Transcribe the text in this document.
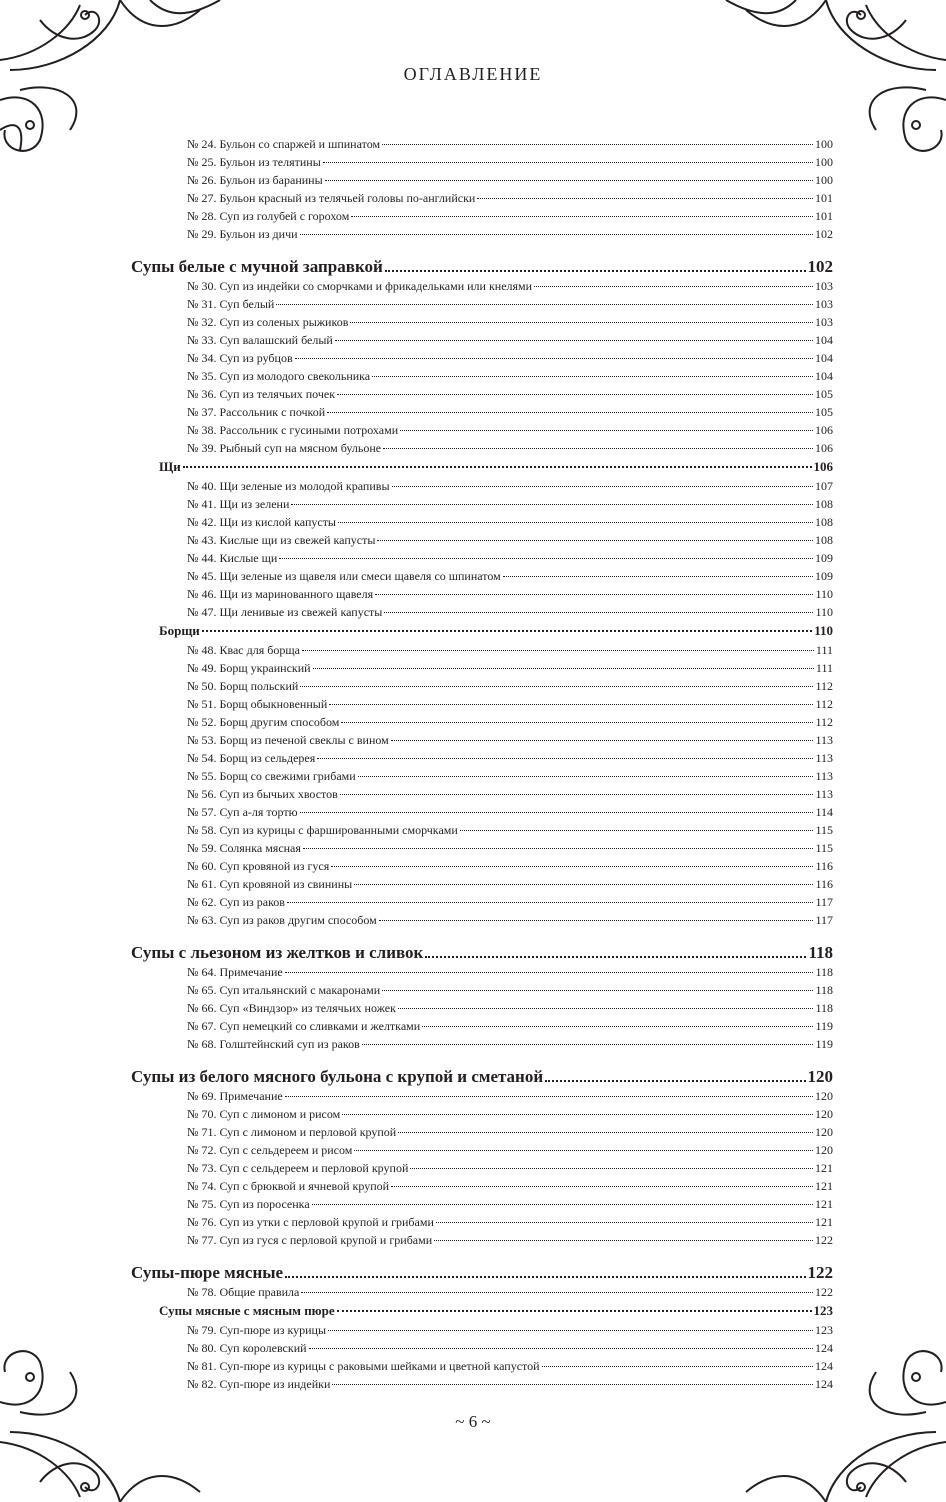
ОГЛАВЛЕНИЕ
№ 24. Бульон со спаржей и шпинатом	100
№ 25. Бульон из телятины	100
№ 26. Бульон из баранины	100
№ 27. Бульон красный из телячьей головы по-английски	101
№ 28. Суп из голубей с горохом	101
№ 29. Бульон из дичи	102
Супы белые с мучной заправкой	102
№ 30. Суп из индейки со сморчками и фрикадельками или кнелями	103
№ 31. Суп белый	103
№ 32. Суп из соленых рыжиков	103
№ 33. Суп валашский белый	104
№ 34. Суп из рубцов	104
№ 35. Суп из молодого свекольника	104
№ 36. Суп из телячьих почек	105
№ 37. Рассольник с почкой	105
№ 38. Рассольник с гусиными потрохами	106
№ 39. Рыбный суп на мясном бульоне	106
Щи	106
№ 40. Щи зеленые из молодой крапивы	107
№ 41. Щи из зелени	108
№ 42. Щи из кислой капусты	108
№ 43. Кислые щи из свежей капусты	108
№ 44. Кислые щи	109
№ 45. Щи зеленые из щавеля или смеси щавеля со шпинатом	109
№ 46. Щи из маринованного щавеля	110
№ 47. Щи ленивые из свежей капусты	110
Борщи	110
№ 48. Квас для борща	111
№ 49. Борщ украинский	111
№ 50. Борщ польский	112
№ 51. Борщ обыкновенный	112
№ 52. Борщ другим способом	112
№ 53. Борщ из печеной свеклы с вином	113
№ 54. Борщ из сельдерея	113
№ 55. Борщ со свежими грибами	113
№ 56. Суп из бычьих хвостов	113
№ 57. Суп а-ля тортю	114
№ 58. Суп из курицы с фаршированными сморчками	115
№ 59. Солянка мясная	115
№ 60. Суп кровяной из гуся	116
№ 61. Суп кровяной из свинины	116
№ 62. Суп из раков	117
№ 63. Суп из раков другим способом	117
Супы с льезоном из желтков и сливок	118
№ 64. Примечание	118
№ 65. Суп итальянский с макаронами	118
№ 66. Суп «Виндзор» из телячьих ножек	118
№ 67. Суп немецкий со сливками и желтками	119
№ 68. Голштейнский суп из раков	119
Супы из белого мясного бульона с крупой и сметаной	120
№ 69. Примечание	120
№ 70. Суп с лимоном и рисом	120
№ 71. Суп с лимоном и перловой крупой	120
№ 72. Суп с сельдереем и рисом	120
№ 73. Суп с сельдереем и перловой крупой	121
№ 74. Суп с брюквой и ячневой крупой	121
№ 75. Суп из поросенка	121
№ 76. Суп из утки с перловой крупой и грибами	121
№ 77. Суп из гуся с перловой крупой и грибами	122
Супы-пюре мясные	122
№ 78. Общие правила	122
Супы мясные с мясным пюре	123
№ 79. Суп-пюре из курицы	123
№ 80. Суп королевский	124
№ 81. Суп-пюре из курицы с раковыми шейками и цветной капустой	124
№ 82. Суп-пюре из индейки	124
~ 6 ~
